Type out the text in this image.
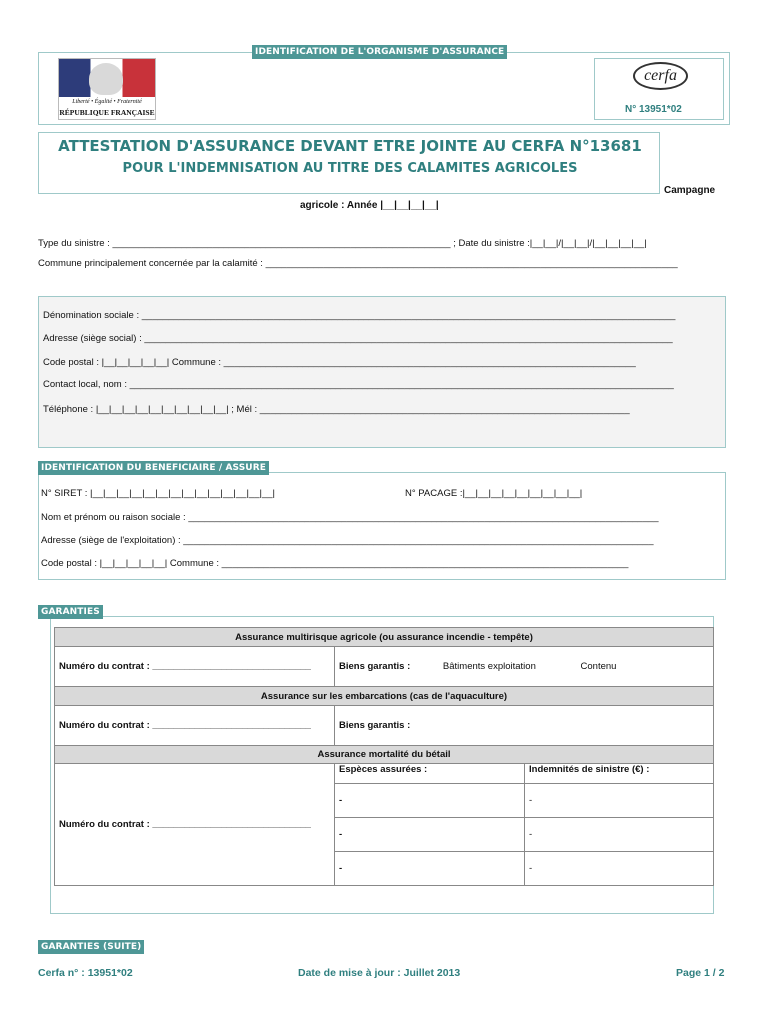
IDENTIFICATION DE L'ORGANISME D'ASSURANCE
Liberté • Égalité • Fraternité
RÉPUBLIQUE FRANÇAISE
cerfa
N° 13951*02
ATTESTATION D'ASSURANCE DEVANT ETRE JOINTE AU CERFA N°13681
POUR L'INDEMNISATION AU TITRE DES CALAMITES AGRICOLES
Campagne
agricole : Année |__|__|__|__|
Type du sinistre : ________________________________________________________________ ; Date du sinistre :|__|__|/|__|__|/|__|__|__|__|
Commune principalement concernée par la calamité : ______________________________________________________________________________
Dénomination sociale : _____________________________________________________________________________________________________
Adresse (siège social) : ____________________________________________________________________________________________________
Code postal : |__|__|__|__|__| Commune : ______________________________________________________________________________
Contact local, nom : _______________________________________________________________________________________________________
Téléphone : |__|__|__|__|__|__|__|__|__|__| ; Mél : ______________________________________________________________________
IDENTIFICATION DU BENEFICIAIRE / ASSURE
N° SIRET : |__|__|__|__|__|__|__|__|__|__|__|__|__|__|	N° PACAGE :|__|__|__|__|__|__|__|__|__|
Nom et prénom ou raison sociale : _________________________________________________________________________________________
Adresse (siège de l'exploitation) : _________________________________________________________________________________________
Code postal : |__|__|__|__|__| Commune : _____________________________________________________________________________
GARANTIES
Assurance multirisque agricole (ou assurance incendie - tempête)		
Numéro du contrat : ______________________________	Biens garantis : Bâtiments exploitation Contenu	
Assurance sur les embarcations (cas de l'aquaculture)		
Numéro du contrat : ______________________________	Biens garantis :	
Assurance mortalité du bétail		
Numéro du contrat : ______________________________	Espèces assurées :	Indemnités de sinistre (€) :
	-	-
	-	-
	-	-
GARANTIES (SUITE)
Cerfa n° : 13951*02	Date de mise à jour : Juillet 2013	Page 1 / 2
